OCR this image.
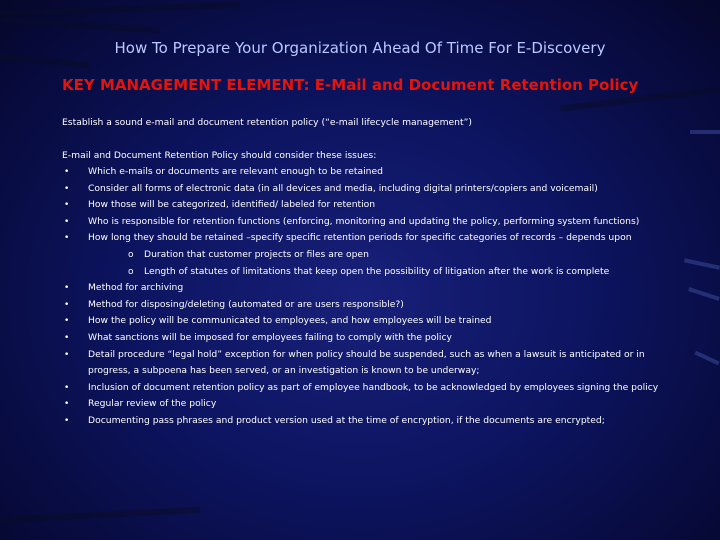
How To Prepare Your Organization Ahead Of Time For E-Discovery
KEY MANAGEMENT ELEMENT: E-Mail and Document Retention Policy
Establish a sound e-mail and document retention policy (“e-mail lifecycle management”)
E-mail and Document Retention Policy should consider these issues:
• Which e-mails or documents are relevant enough to be retained
• Consider all forms of electronic data (in all devices and media, including digital printers/copiers and voicemail)
• How those will be categorized, identified/ labeled for retention
• Who is responsible for retention functions (enforcing, monitoring and updating the policy, performing system functions)
• How long they should be retained –specify specific retention periods for specific categories of records – depends upon
o Duration that customer projects or files are open
o Length of statutes of limitations that keep open the possibility of litigation after the work is complete
• Method for archiving
• Method for disposing/deleting (automated or are users responsible?)
• How the policy will be communicated to employees, and how employees will be trained
• What sanctions will be imposed for employees failing to comply with the policy
• Detail procedure “legal hold” exception for when policy should be suspended, such as when a lawsuit is anticipated or in progress, a subpoena has been served, or an investigation is known to be underway;
• Inclusion of document retention policy as part of employee handbook, to be acknowledged by employees signing the policy
• Regular review of the policy
• Documenting pass phrases and product version used at the time of encryption, if the documents are encrypted;
